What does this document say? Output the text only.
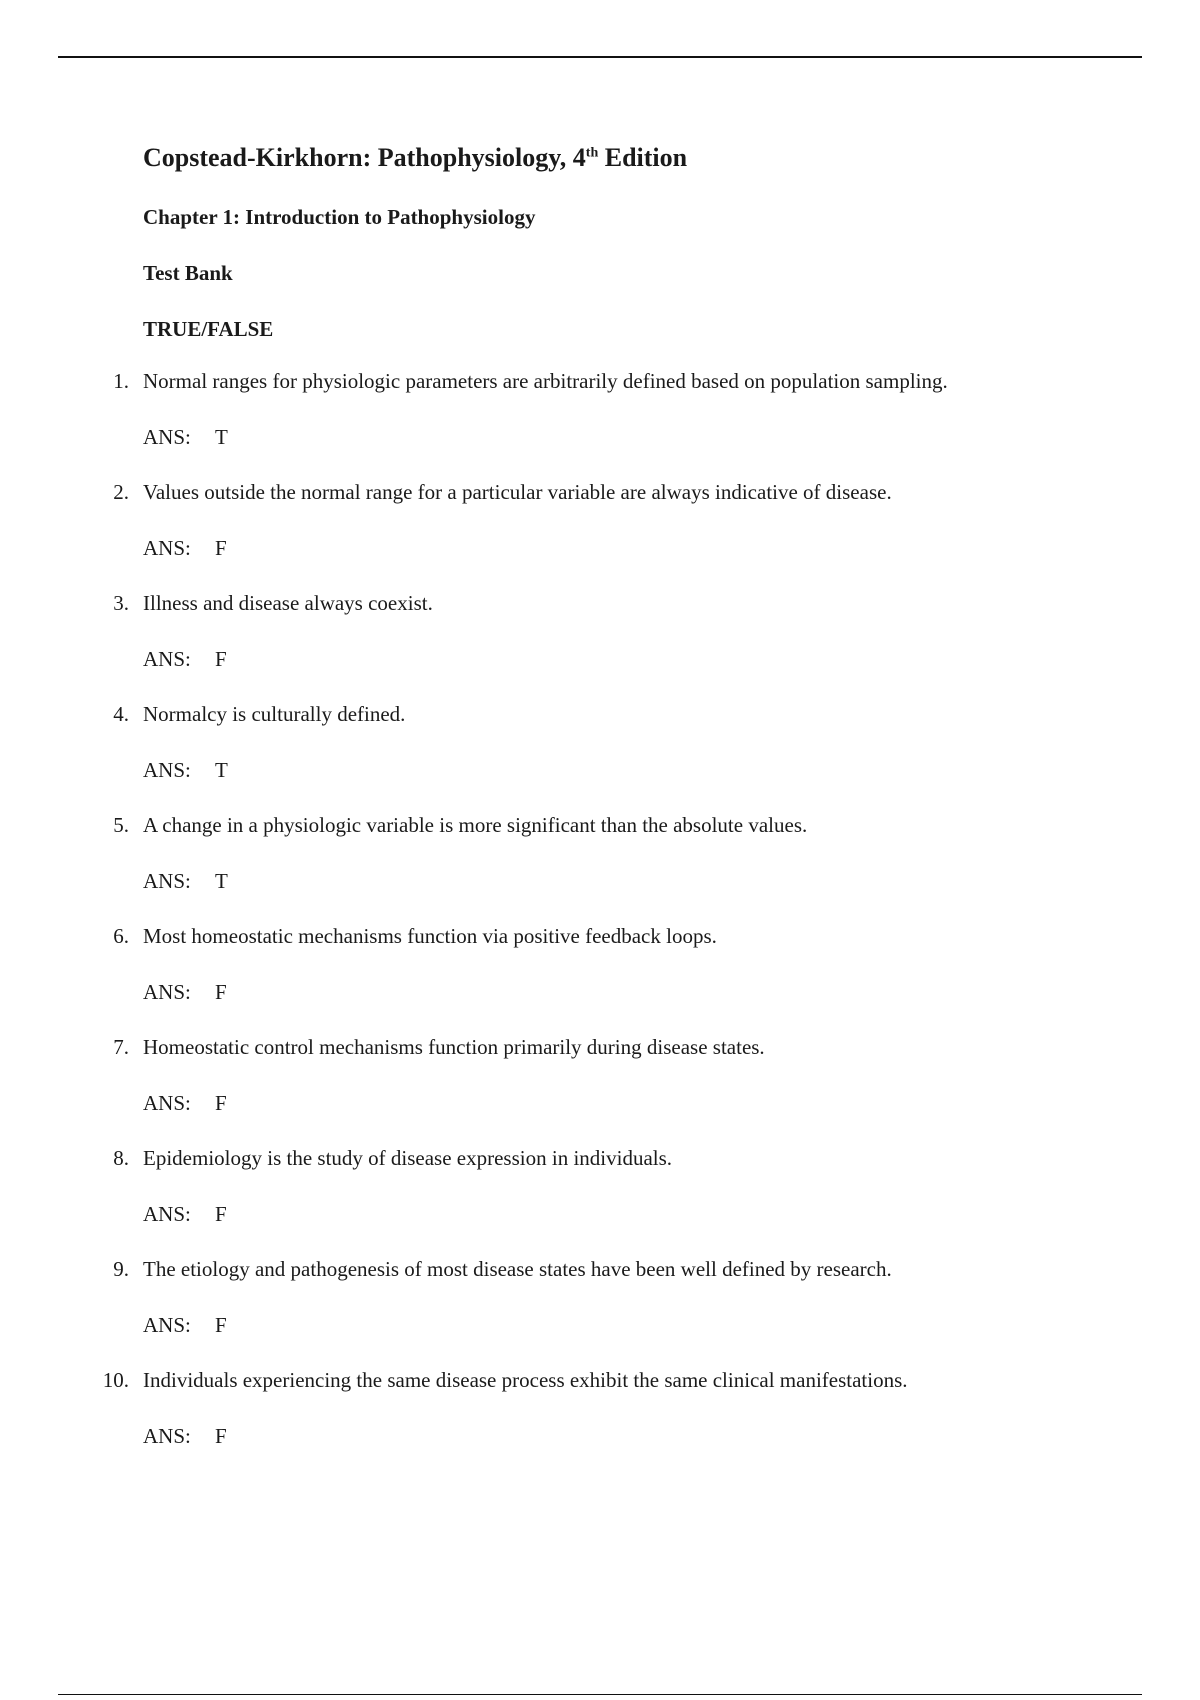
Copstead-Kirkhorn: Pathophysiology, 4th Edition

Chapter 1: Introduction to Pathophysiology

Test Bank

TRUE/FALSE

1. Normal ranges for physiologic parameters are arbitrarily defined based on population sampling.
ANS: T
2. Values outside the normal range for a particular variable are always indicative of disease.
ANS: F
3. Illness and disease always coexist.
ANS: F
4. Normalcy is culturally defined.
ANS: T
5. A change in a physiologic variable is more significant than the absolute values.
ANS: T
6. Most homeostatic mechanisms function via positive feedback loops.
ANS: F
7. Homeostatic control mechanisms function primarily during disease states.
ANS: F
8. Epidemiology is the study of disease expression in individuals.
ANS: F
9. The etiology and pathogenesis of most disease states have been well defined by research.
ANS: F
10. Individuals experiencing the same disease process exhibit the same clinical manifestations.
ANS: F
